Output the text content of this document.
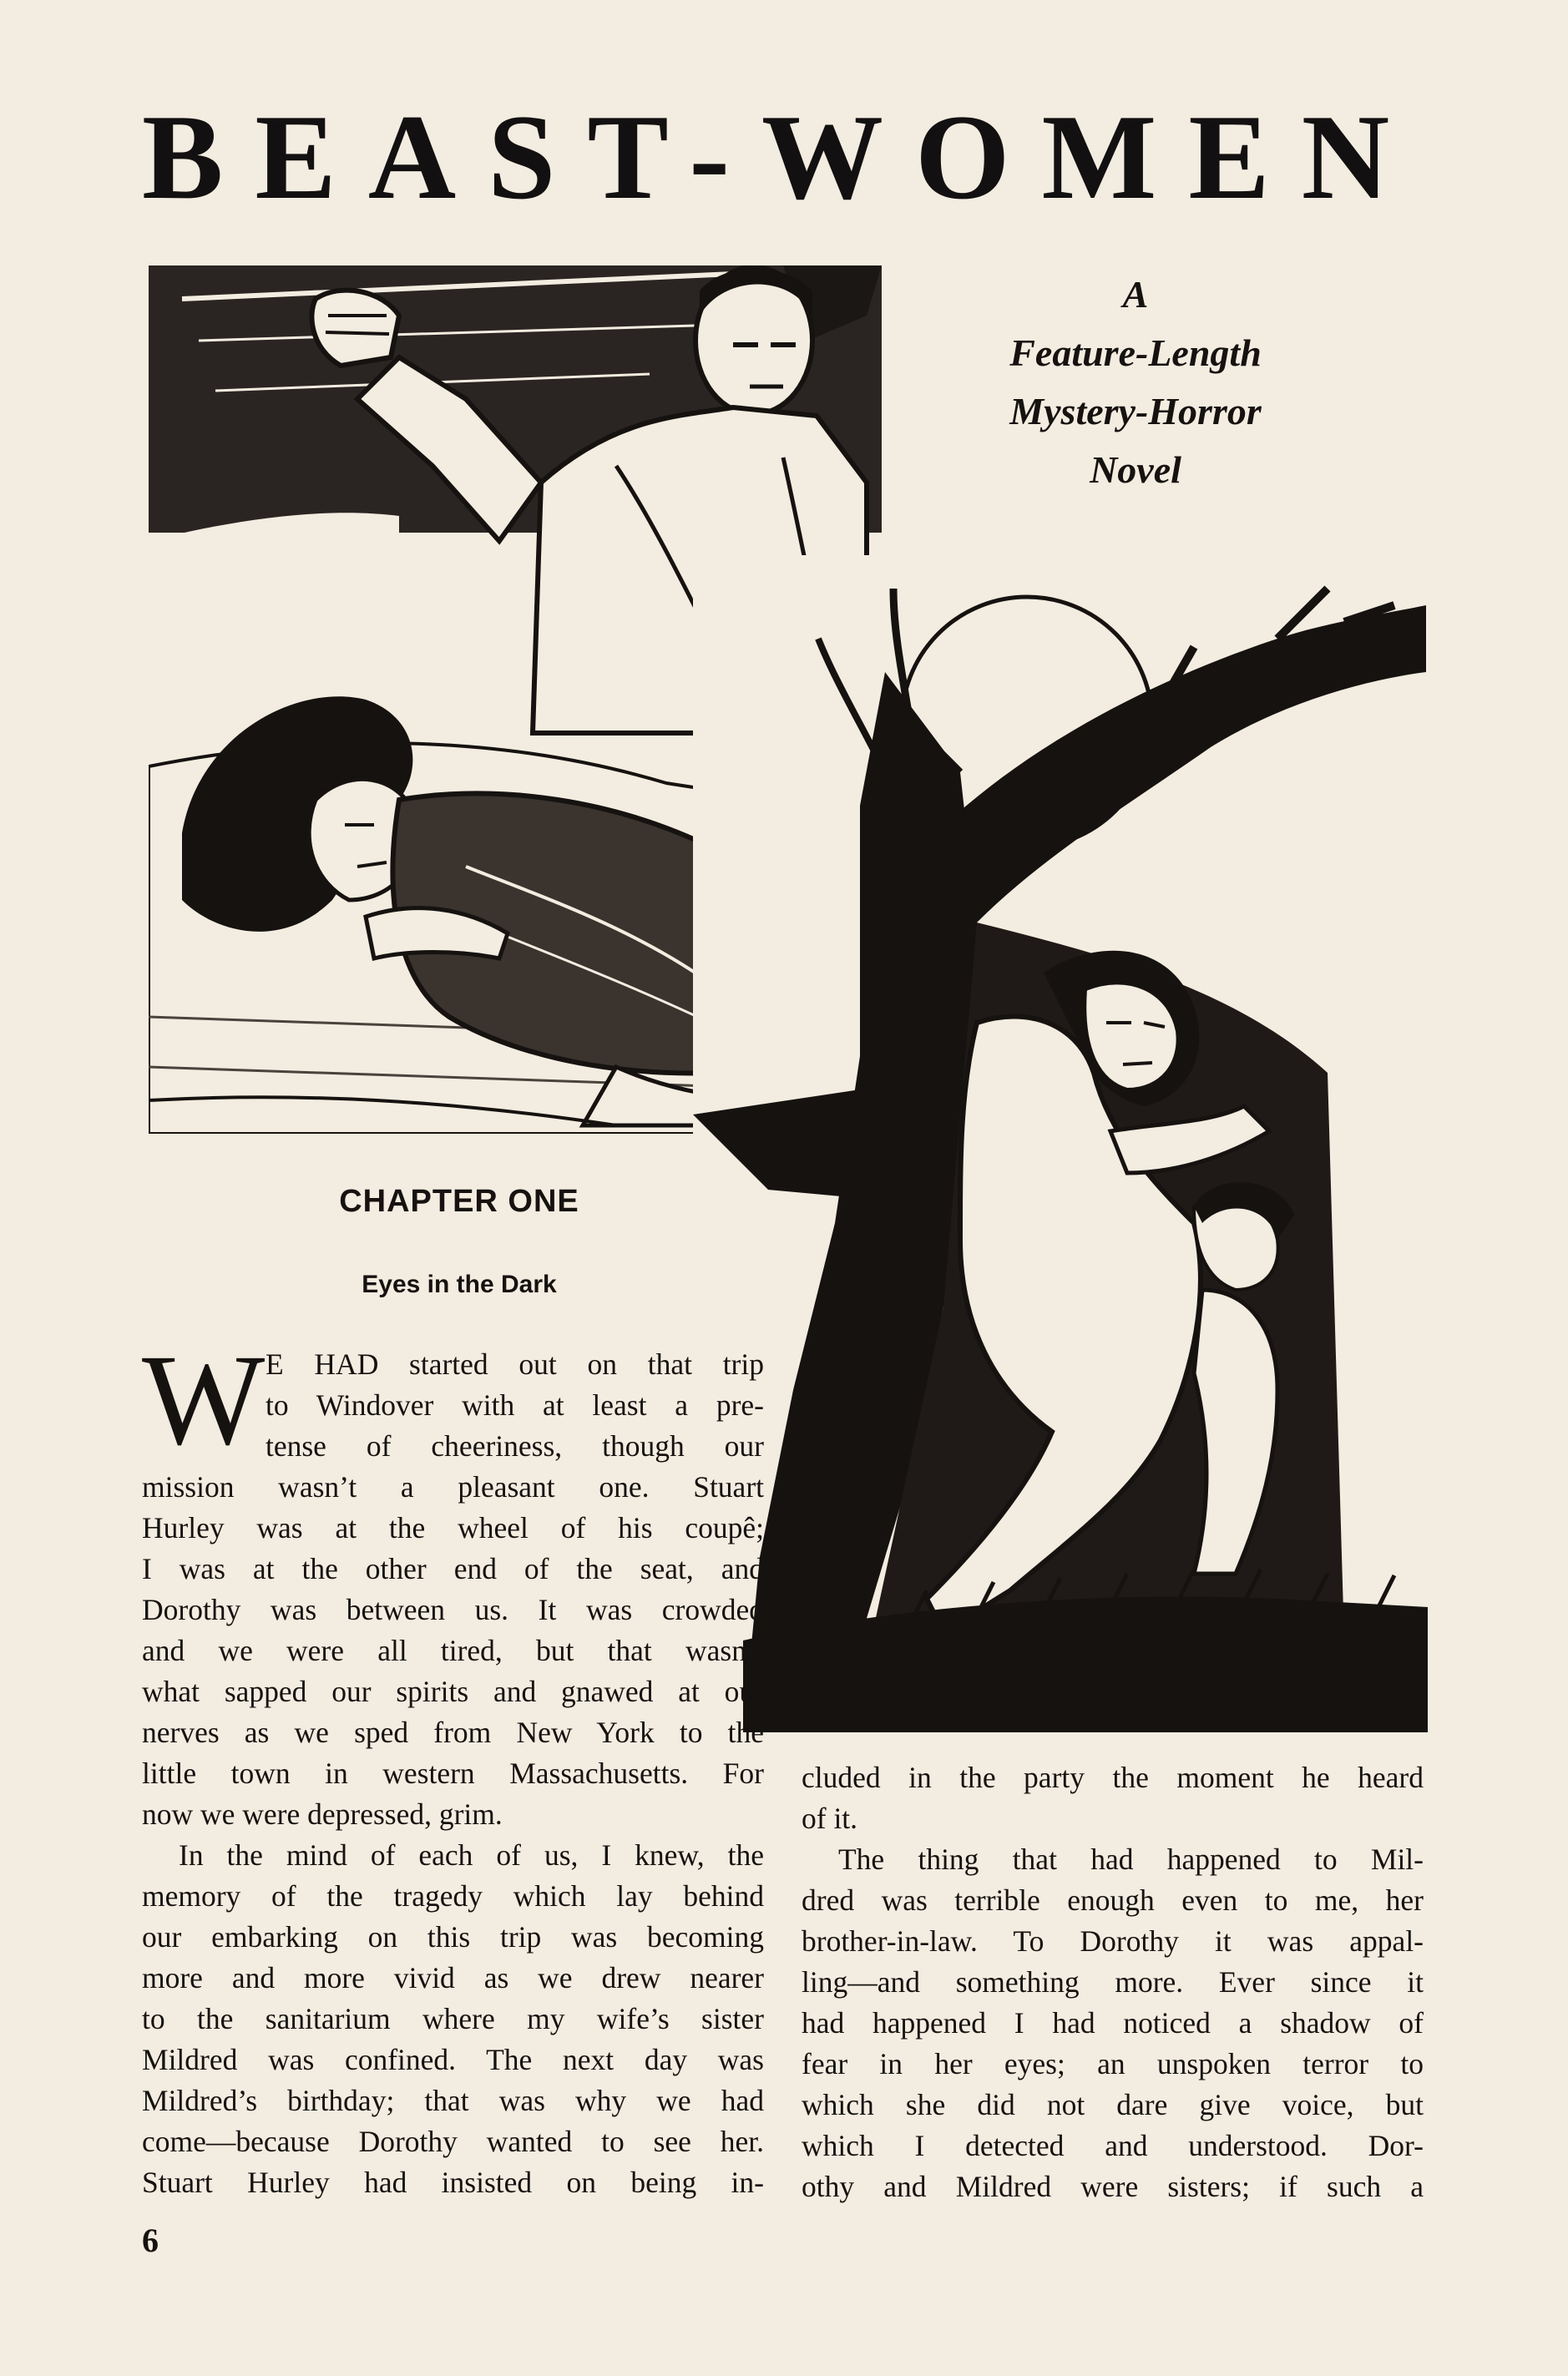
BEAST-WOMEN
A
Feature-Length
Mystery-Horror
Novel
CHAPTER ONE
Eyes in the Dark
W E HAD started out on that trip
to Windover with at least a pre-
tense of cheeriness, though our
mission wasn’t a pleasant one. Stuart
Hurley was at the wheel of his coupê;
I was at the other end of the seat, and
Dorothy was between us. It was crowded
and we were all tired, but that wasn’t
what sapped our spirits and gnawed at our
nerves as we sped from New York to the
little town in western Massachusetts. For
now we were depressed, grim.
In the mind of each of us, I knew, the
memory of the tragedy which lay behind
our embarking on this trip was becoming
more and more vivid as we drew nearer
to the sanitarium where my wife’s sister
Mildred was confined. The next day was
Mildred’s birthday; that was why we had
come—because Dorothy wanted to see her.
Stuart Hurley had insisted on being in-
cluded in the party the moment he heard
of it.
The thing that had happened to Mil-
dred was terrible enough even to me, her
brother-in-law. To Dorothy it was appal-
ling—and something more. Ever since it
had happened I had noticed a shadow of
fear in her eyes; an unspoken terror to
which she did not dare give voice, but
which I detected and understood. Dor-
othy and Mildred were sisters; if such a
6
